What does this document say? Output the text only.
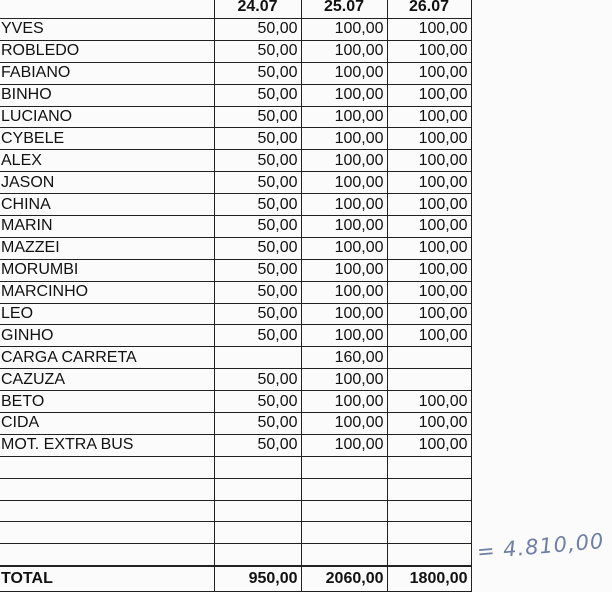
	24.07	25.07	26.07
YVES	50,00	100,00	100,00
ROBLEDO	50,00	100,00	100,00
FABIANO	50,00	100,00	100,00
BINHO	50,00	100,00	100,00
LUCIANO	50,00	100,00	100,00
CYBELE	50,00	100,00	100,00
ALEX	50,00	100,00	100,00
JASON	50,00	100,00	100,00
CHINA	50,00	100,00	100,00
MARIN	50,00	100,00	100,00
MAZZEI	50,00	100,00	100,00
MORUMBI	50,00	100,00	100,00
MARCINHO	50,00	100,00	100,00
LEO	50,00	100,00	100,00
GINHO	50,00	100,00	100,00
CARGA CARRETA		160,00	
CAZUZA	50,00	100,00	
BETO	50,00	100,00	100,00
CIDA	50,00	100,00	100,00
MOT. EXTRA BUS	50,00	100,00	100,00

TOTAL	950,00	2060,00	1800,00
= 4.810,00
